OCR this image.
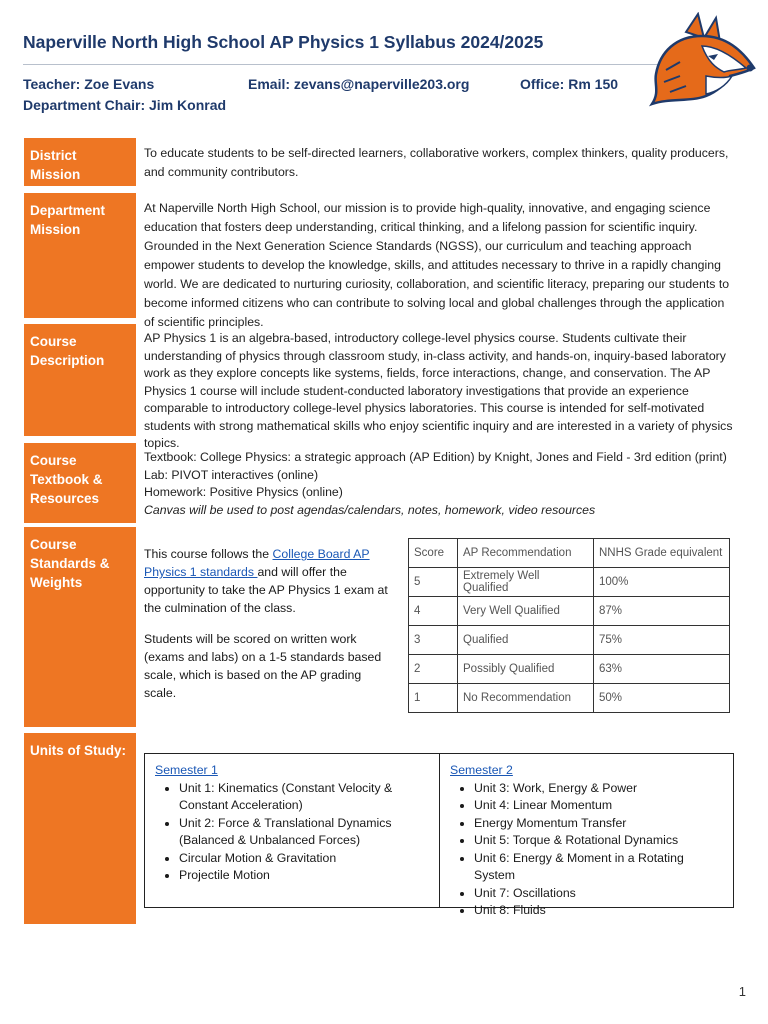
Naperville North High School AP Physics 1 Syllabus 2024/2025
Teacher: Zoe Evans	Email: zevans@naperville203.org	Office: Rm 150
Department Chair: Jim Konrad
District Mission
To educate students to be self-directed learners, collaborative workers, complex thinkers, quality producers, and community contributors.
Department Mission
At Naperville North High School, our mission is to provide high-quality, innovative, and engaging science education that fosters deep understanding, critical thinking, and a lifelong passion for scientific inquiry. Grounded in the Next Generation Science Standards (NGSS), our curriculum and teaching approach empower students to develop the knowledge, skills, and attitudes necessary to thrive in a rapidly changing world. We are dedicated to nurturing curiosity, collaboration, and scientific literacy, preparing our students to become informed citizens who can contribute to solving local and global challenges through the application of scientific principles.
Course Description
AP Physics 1 is an algebra-based, introductory college-level physics course. Students cultivate their understanding of physics through classroom study, in-class activity, and hands-on, inquiry-based laboratory work as they explore concepts like systems, fields, force interactions, change, and conservation. The AP Physics 1 course will include student-conducted laboratory investigations that provide an experience comparable to introductory college-level physics laboratories. This course is intended for self-motivated students with strong mathematical skills who enjoy scientific inquiry and are interested in a variety of physics topics.
Course Textbook & Resources

Textbook: College Physics: a strategic approach (AP Edition) by Knight, Jones and Field - 3rd edition (print)

Lab: PIVOT interactives (online)

Homework: Positive Physics (online)

Canvas will be used to post agendas/calendars, notes, homework, video resources

Course Standards & Weights

This course follows the College Board AP Physics 1 standards and will offer the opportunity to take the AP Physics 1 exam at the culmination of the class.

Students will be scored on written work (exams and labs) on a 1-5 standards based scale, which is based on the AP grading scale.

Score	AP Recommendation	NNHS Grade equivalent
5	Extremely Well Qualified	100%
4	Very Well Qualified	87%
3	Qualified	75%
2	Possibly Qualified	63%
1	No Recommendation	50%
Units of Study:
Semester 1
• Unit 1: Kinematics (Constant Velocity & Constant Acceleration)
• Unit 2: Force & Translational Dynamics (Balanced & Unbalanced Forces)
• Circular Motion & Gravitation
• Projectile Motion
Semester 2
• Unit 3: Work, Energy & Power
• Unit 4: Linear Momentum
• Energy Momentum Transfer
• Unit 5: Torque & Rotational Dynamics
• Unit 6: Energy & Moment in a Rotating System
• Unit 7: Oscillations
• Unit 8: Fluids
1
